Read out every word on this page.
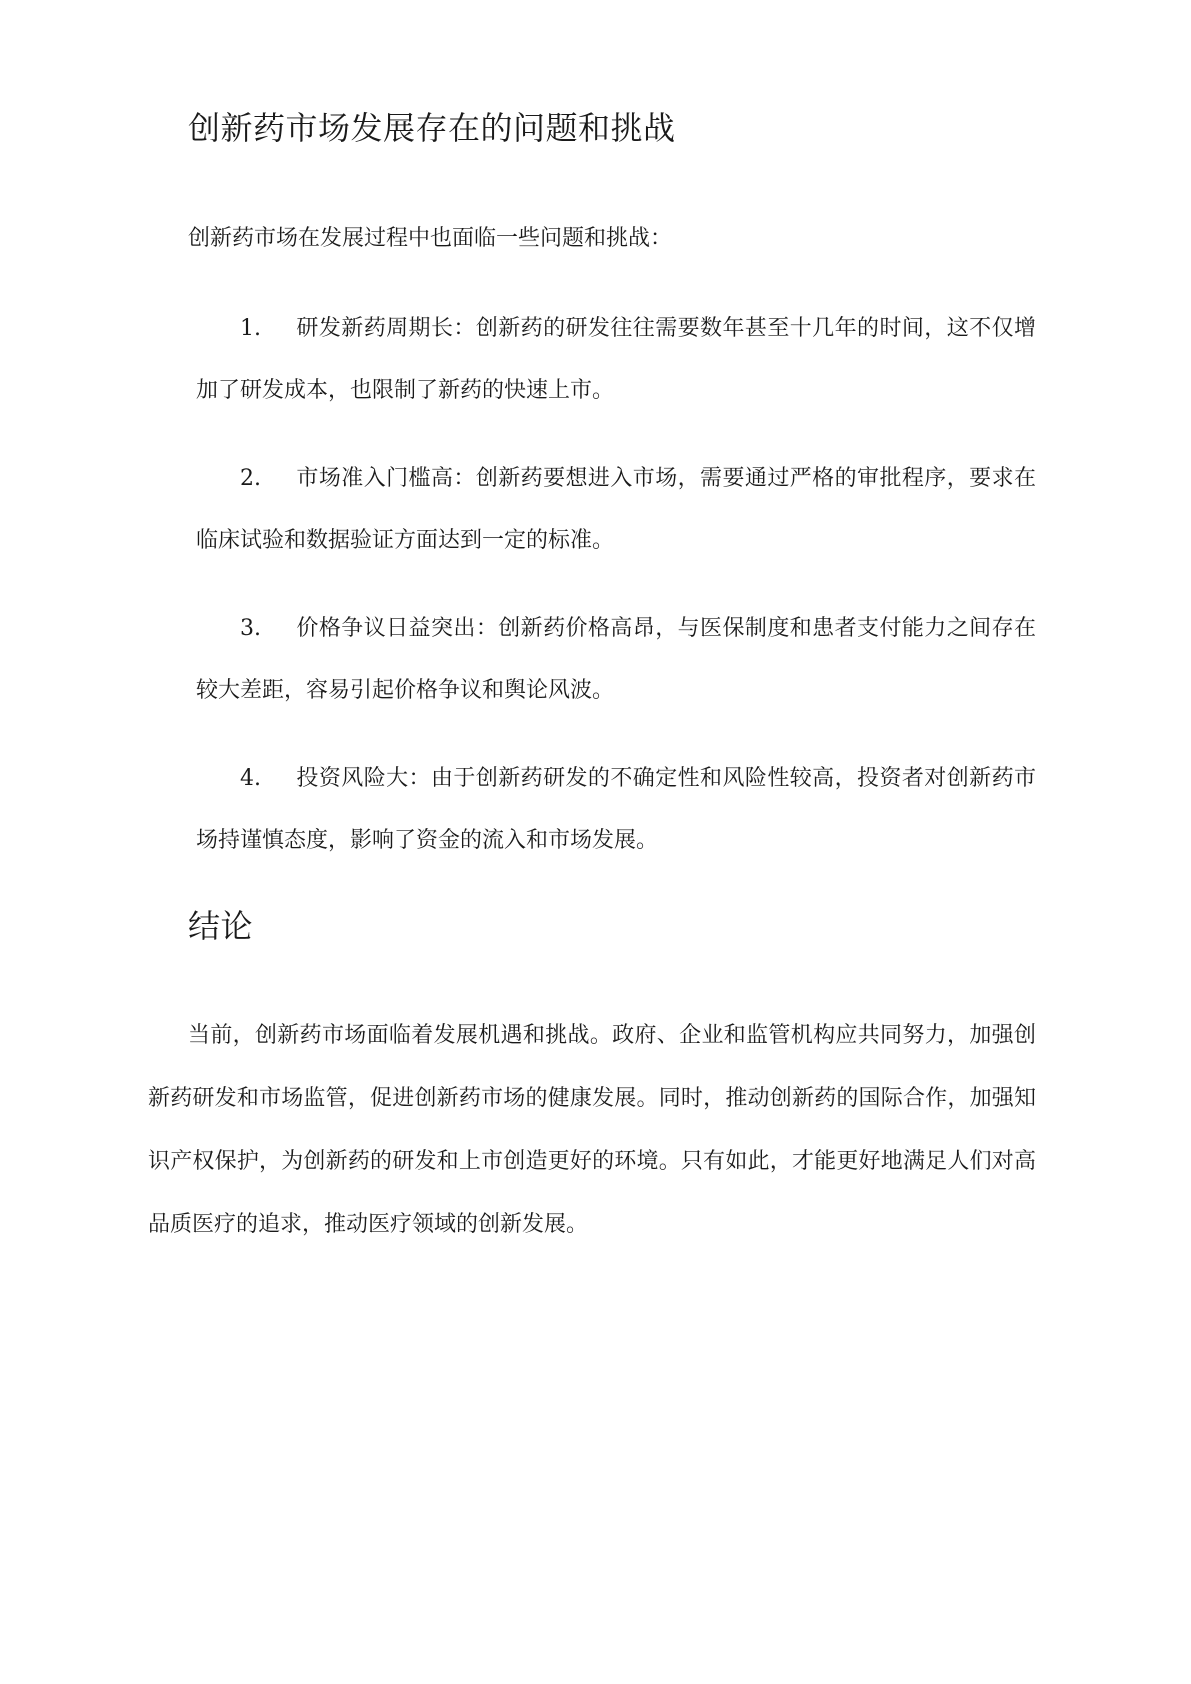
创新药市场发展存在的问题和挑战

创新药市场在发展过程中也面临一些问题和挑战：

1. 研发新药周期长：创新药的研发往往需要数年甚至十几年的时间，这不仅增加了研发成本，也限制了新药的快速上市。

2. 市场准入门槛高：创新药要想进入市场，需要通过严格的审批程序，要求在临床试验和数据验证方面达到一定的标准。

3. 价格争议日益突出：创新药价格高昂，与医保制度和患者支付能力之间存在较大差距，容易引起价格争议和舆论风波。

4. 投资风险大：由于创新药研发的不确定性和风险性较高，投资者对创新药市场持谨慎态度，影响了资金的流入和市场发展。

结论

当前，创新药市场面临着发展机遇和挑战。政府、企业和监管机构应共同努力，加强创新药研发和市场监管，促进创新药市场的健康发展。同时，推动创新药的国际合作，加强知识产权保护，为创新药的研发和上市创造更好的环境。只有如此，才能更好地满足人们对高品质医疗的追求，推动医疗领域的创新发展。
